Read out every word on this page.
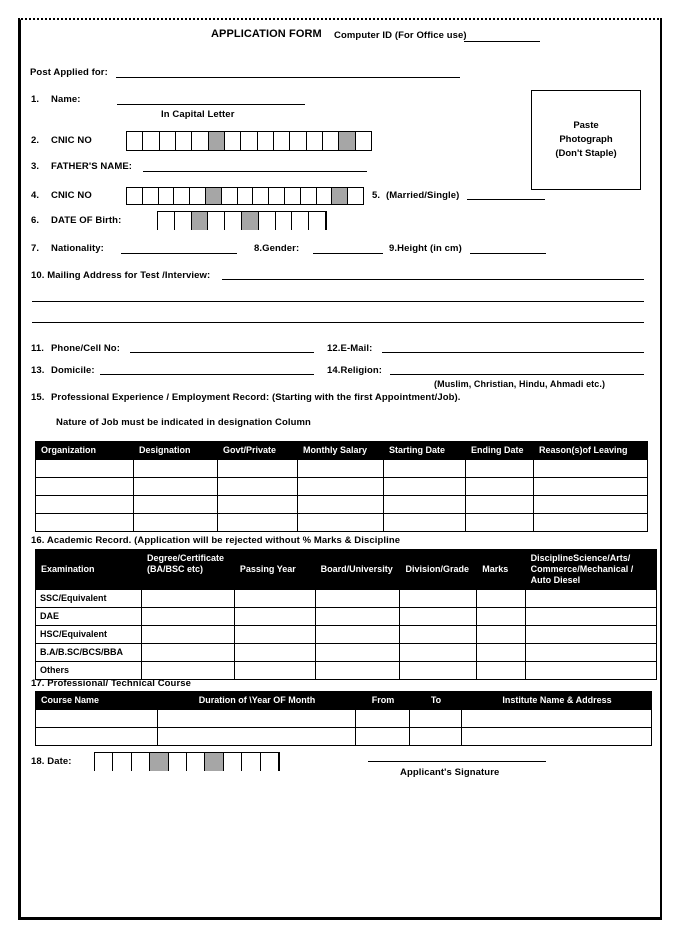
APPLICATION FORM Computer ID (For Office use)
Post Applied for:
1. Name:
In Capital Letter
2. CNIC NO
3. FATHER'S NAME:
4. CNIC NO	5. (Married/Single)
6. DATE OF Birth:
7. Nationality:	8.Gender:	9.Height (in cm)
Paste
Photograph
(Don't Staple)
10. Mailing Address for Test /Interview:
11. Phone/Cell No:	12.E-Mail:
13. Domicile:	14.Religion:
(Muslim, Christian, Hindu, Ahmadi etc.)
15. Professional Experience / Employment Record: (Starting with the first Appointment/Job).
Nature of Job must be indicated in designation Column
Organization	Designation	Govt/Private	Monthly Salary	Starting Date	Ending Date	Reason(s)of Leaving

16. Academic Record. (Application will be rejected without % Marks & Discipline
Examination	Degree/Certificate (BA/BSC etc)	Passing Year	Board/University	Division/Grade	Marks	DisciplineScience/Arts/ Commerce/Mechanical / Auto Diesel
SSC/Equivalent						
DAE						
HSC/Equivalent						
B.A/B.SC/BCS/BBA						
Others						
17. Professional/ Technical Course
Course Name	Duration of \Year OF Month	From	To	Institute Name & Address

18. Date:
Applicant's Signature
